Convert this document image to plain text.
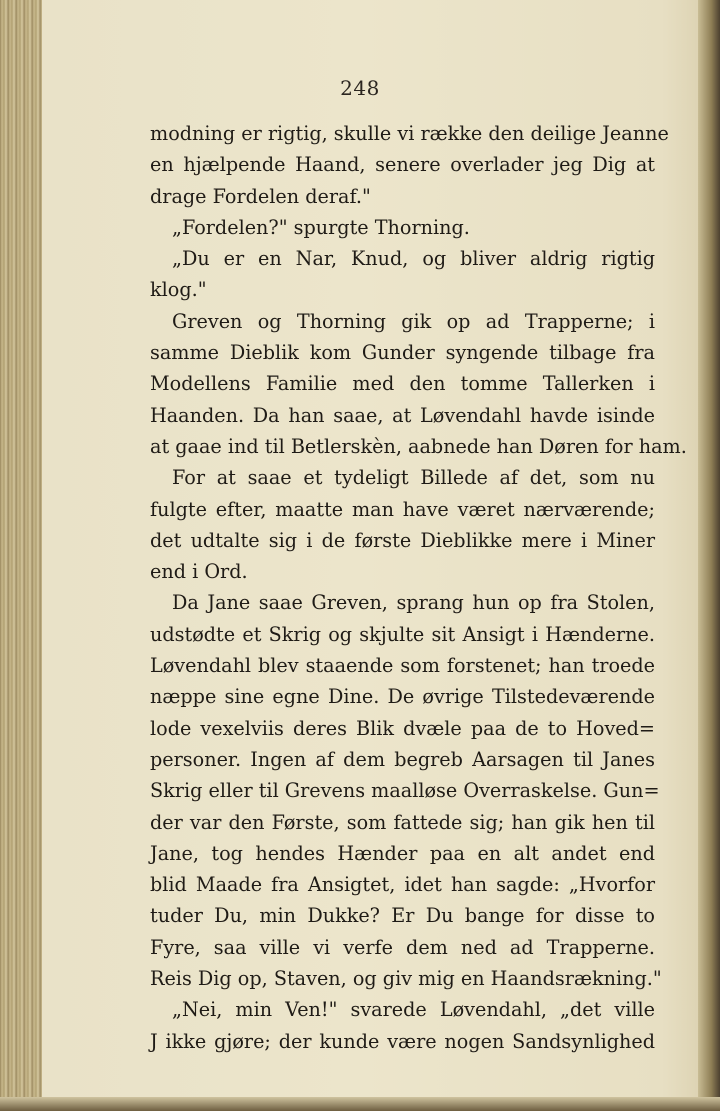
248
modning er rigtig, skulle vi række den deilige Jeanne
en hjælpende Haand, senere overlader jeg Dig at
drage Fordelen deraf."
„Fordelen?" spurgte Thorning.
„Du er en Nar, Knud, og bliver aldrig rigtig
klog."
Greven og Thorning gik op ad Trapperne; i
samme Dieblik kom Gunder syngende tilbage fra
Modellens Familie med den tomme Tallerken i
Haanden. Da han saae, at Løvendahl havde isinde
at gaae ind til Betlerskèn, aabnede han Døren for ham.
For at saae et tydeligt Billede af det, som nu
fulgte efter, maatte man have været nærværende;
det udtalte sig i de første Dieblikke mere i Miner
end i Ord.
Da Jane saae Greven, sprang hun op fra Stolen,
udstødte et Skrig og skjulte sit Ansigt i Hænderne.
Løvendahl blev staaende som forstenet; han troede
næppe sine egne Dine. De øvrige Tilstedeværende
lode vexelviis deres Blik dvæle paa de to Hoved=
personer. Ingen af dem begreb Aarsagen til Janes
Skrig eller til Grevens maalløse Overraskelse. Gun=
der var den Første, som fattede sig; han gik hen til
Jane, tog hendes Hænder paa en alt andet end
blid Maade fra Ansigtet, idet han sagde: „Hvorfor
tuder Du, min Dukke? Er Du bange for disse to
Fyre, saa ville vi verfe dem ned ad Trapperne.
Reis Dig op, Staven, og giv mig en Haandsrækning."
„Nei, min Ven!" svarede Løvendahl, „det ville
J ikke gjøre; der kunde være nogen Sandsynlighed
